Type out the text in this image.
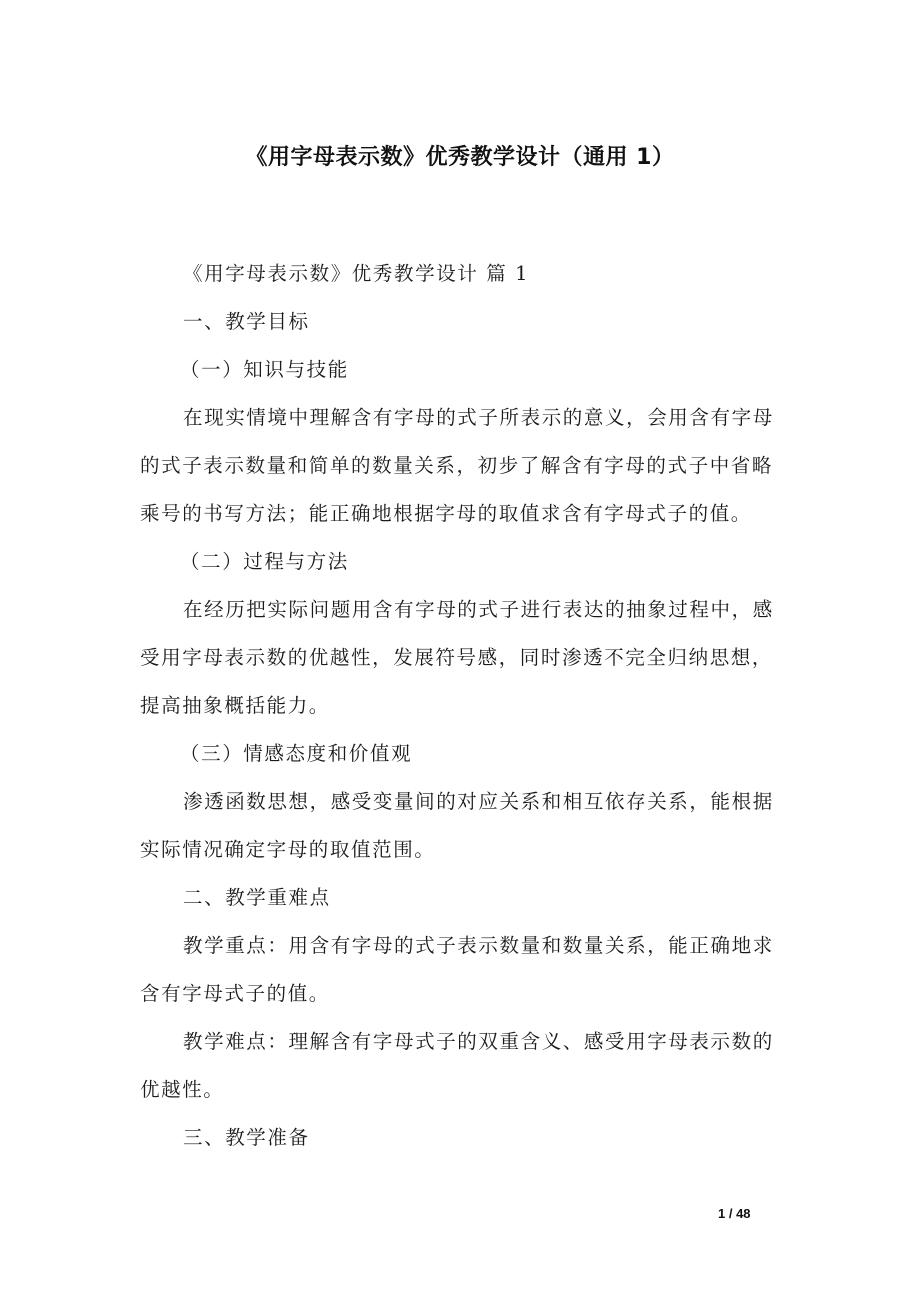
《用字母表示数》优秀教学设计（通用 1）
《用字母表示数》优秀教学设计 篇 1
一、教学目标
（一）知识与技能
在现实情境中理解含有字母的式子所表示的意义，会用含有字母
的式子表示数量和简单的数量关系，初步了解含有字母的式子中省略
乘号的书写方法；能正确地根据字母的取值求含有字母式子的值。
（二）过程与方法
在经历把实际问题用含有字母的式子进行表达的抽象过程中，感
受用字母表示数的优越性，发展符号感，同时渗透不完全归纳思想，
提高抽象概括能力。
（三）情感态度和价值观
渗透函数思想，感受变量间的对应关系和相互依存关系，能根据
实际情况确定字母的取值范围。
二、教学重难点
教学重点：用含有字母的式子表示数量和数量关系，能正确地求
含有字母式子的值。
教学难点：理解含有字母式子的双重含义、感受用字母表示数的
优越性。
三、教学准备
1 / 48
